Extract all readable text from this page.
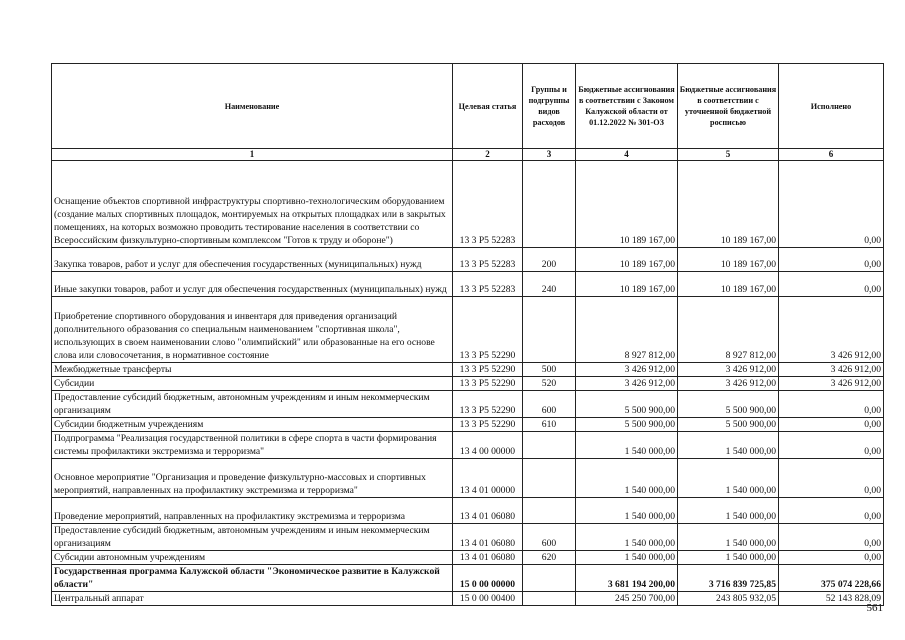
Наименование	Целевая статья	Группы и подгруппы видов расходов	Бюджетные ассигнования в соответствии с Законом Калужской области от 01.12.2022 № 301-ОЗ	Бюджетные ассигнования в соответствии с уточненной бюджетной росписью	Исполнено
1	2	3	4	5	6
Оснащение объектов спортивной инфраструктуры спортивно-технологическим оборудованием (создание малых спортивных площадок, монтируемых на открытых площадках или в закрытых помещениях, на которых возможно проводить тестирование населения в соответствии со Всероссийским физкультурно-спортивным комплексом "Готов к труду и обороне")	13 3 P5 52283		10 189 167,00	10 189 167,00	0,00
Закупка товаров, работ и услуг для обеспечения государственных (муниципальных) нужд	13 3 P5 52283	200	10 189 167,00	10 189 167,00	0,00
Иные закупки товаров, работ и услуг для обеспечения государственных (муниципальных) нужд	13 3 P5 52283	240	10 189 167,00	10 189 167,00	0,00
Приобретение спортивного оборудования и инвентаря для приведения организаций дополнительного образования со специальным наименованием "спортивная школа", использующих в своем наименовании слово "олимпийский" или образованные на его основе слова или словосочетания, в нормативное состояние	13 3 P5 52290		8 927 812,00	8 927 812,00	3 426 912,00
Межбюджетные трансферты	13 3 P5 52290	500	3 426 912,00	3 426 912,00	3 426 912,00
Субсидии	13 3 P5 52290	520	3 426 912,00	3 426 912,00	3 426 912,00
Предоставление субсидий бюджетным, автономным учреждениям и иным некоммерческим организациям	13 3 P5 52290	600	5 500 900,00	5 500 900,00	0,00
Субсидии бюджетным учреждениям	13 3 P5 52290	610	5 500 900,00	5 500 900,00	0,00
Подпрограмма "Реализация государственной политики в сфере спорта в части формирования системы профилактики экстремизма и терроризма"	13 4 00 00000		1 540 000,00	1 540 000,00	0,00
Основное мероприятие "Организация и проведение физкультурно-массовых и спортивных мероприятий, направленных на профилактику экстремизма и терроризма"	13 4 01 00000		1 540 000,00	1 540 000,00	0,00
Проведение мероприятий, направленных на профилактику экстремизма и терроризма	13 4 01 06080		1 540 000,00	1 540 000,00	0,00
Предоставление субсидий бюджетным, автономным учреждениям и иным некоммерческим организациям	13 4 01 06080	600	1 540 000,00	1 540 000,00	0,00
Субсидии автономным учреждениям	13 4 01 06080	620	1 540 000,00	1 540 000,00	0,00
Государственная программа Калужской области "Экономическое развитие в Калужской области"	15 0 00 00000		3 681 194 200,00	3 716 839 725,85	375 074 228,66
Центральный аппарат	15 0 00 00400		245 250 700,00	243 805 932,05	52 143 828,09
561
